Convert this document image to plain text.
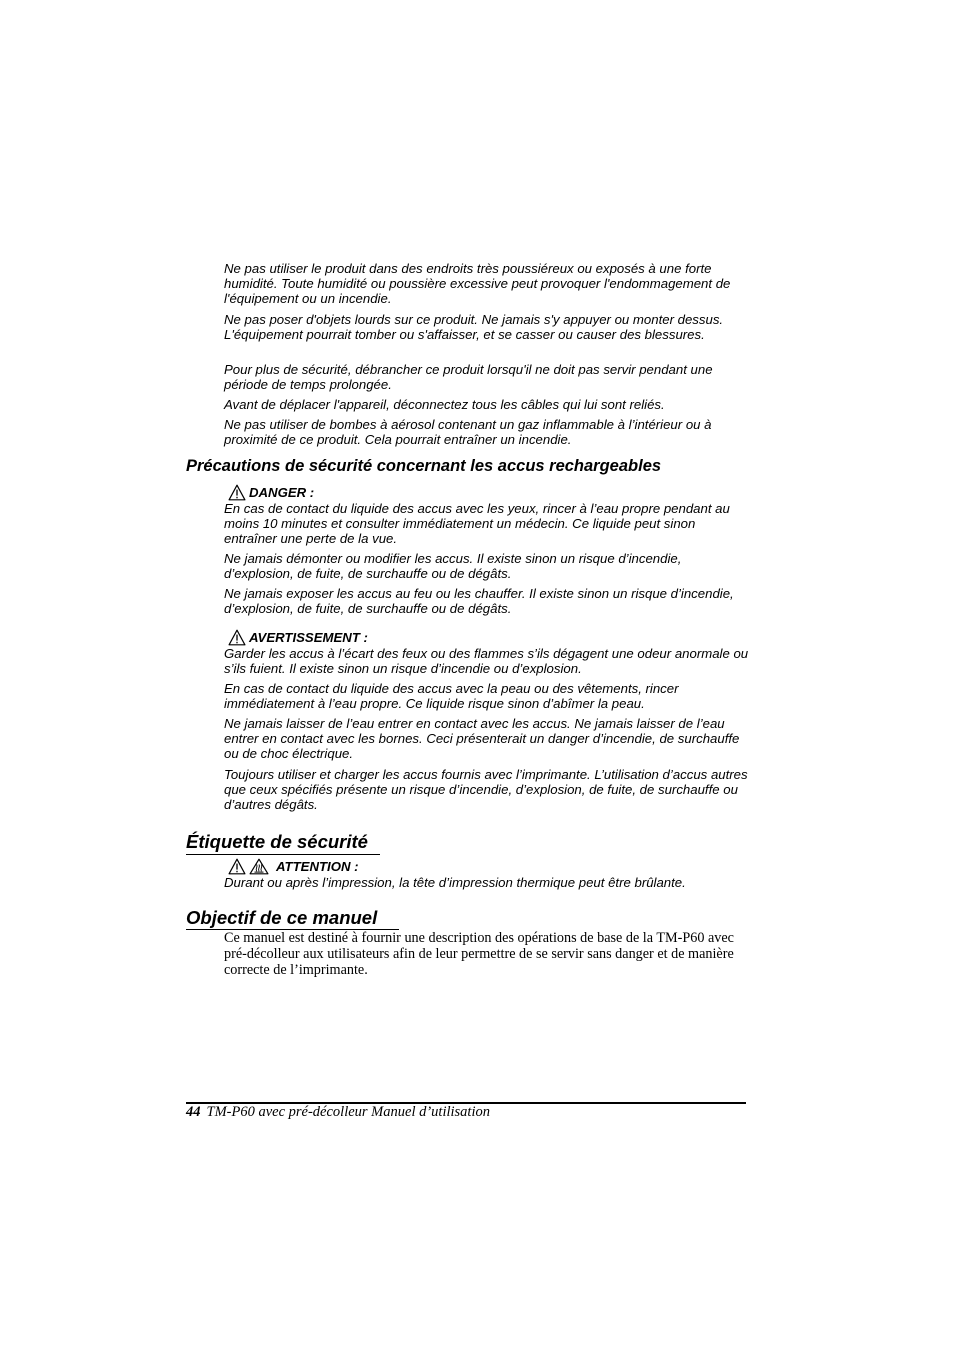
Ne pas utiliser le produit dans des endroits très poussiéreux ou exposés à une forte humidité. Toute humidité ou poussière excessive peut provoquer l'endommagement de l'équipement ou un incendie.

Ne pas poser d'objets lourds sur ce produit. Ne jamais s'y appuyer ou monter dessus. L'équipement pourrait tomber ou s'affaisser, et se casser ou causer des blessures.

Pour plus de sécurité, débrancher ce produit lorsqu'il ne doit pas servir pendant une période de temps prolongée.

Avant de déplacer l'appareil, déconnectez tous les câbles qui lui sont reliés.

Ne pas utiliser de bombes à aérosol contenant un gaz inflammable à l’intérieur ou à proximité de ce produit. Cela pourrait entraîner un incendie.

Précautions de sécurité concernant les accus rechargeables
DANGER :

En cas de contact du liquide des accus avec les yeux, rincer à l’eau propre pendant au moins 10 minutes et consulter immédiatement un médecin. Ce liquide peut sinon entraîner une perte de la vue.

Ne jamais démonter ou modifier les accus. Il existe sinon un risque d’incendie, d’explosion, de fuite, de surchauffe ou de dégâts.

Ne jamais exposer les accus au feu ou les chauffer. Il existe sinon un risque d’incendie, d’explosion, de fuite, de surchauffe ou de dégâts.

AVERTISSEMENT :

Garder les accus à l’écart des feux ou des flammes s’ils dégagent une odeur anormale ou s’ils fuient. Il existe sinon un risque d’incendie ou d’explosion.

En cas de contact du liquide des accus avec la peau ou des vêtements, rincer immédiatement à l’eau propre. Ce liquide risque sinon d’abîmer la peau.

Ne jamais laisser de l’eau entrer en contact avec les accus. Ne jamais laisser de l’eau entrer en contact avec les bornes. Ceci présenterait un danger d’incendie, de surchauffe ou de choc électrique.

Toujours utiliser et charger les accus fournis avec l’imprimante. L’utilisation d’accus autres que ceux spécifiés présente un risque d’incendie, d’explosion, de fuite, de surchauffe ou d’autres dégâts.

Étiquette de sécurité
ATTENTION :

Durant ou après l’impression, la tête d’impression thermique peut être brûlante.

Objectif de ce manuel

Ce manuel est destiné à fournir une description des opérations de base de la TM-P60 avec pré-décolleur aux utilisateurs afin de leur permettre de se servir sans danger et de manière correcte de l’imprimante.

44 TM-P60 avec pré-décolleur Manuel d’utilisation
